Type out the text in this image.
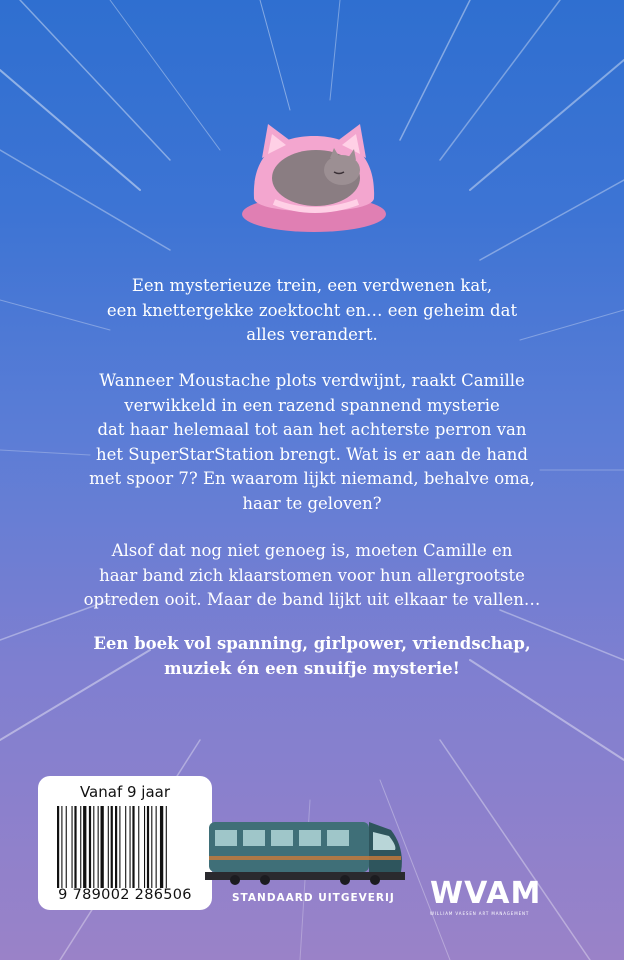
Een mysterieuze trein, een verdwenen kat,

een knettergekke zoektocht en… een geheim dat

alles verandert.

Wanneer Moustache plots verdwijnt, raakt Camille

verwikkeld in een razend spannend mysterie

dat haar helemaal tot aan het achterste perron van

het SuperStarStation brengt. Wat is er aan de hand

met spoor 7? En waarom lijkt niemand, behalve oma,

haar te geloven?

Alsof dat nog niet genoeg is, moeten Camille en

haar band zich klaarstomen voor hun allergrootste

optreden ooit. Maar de band lijkt uit elkaar te vallen…

Een boek vol spanning, girlpower, vriendschap,

muziek én een snuifje mysterie!

Vanaf 9 jaar
9 789002 286506	STANDAARD UITGEVERIJ WVAM
WILLIAM VAESEN ART MANAGEMENT
